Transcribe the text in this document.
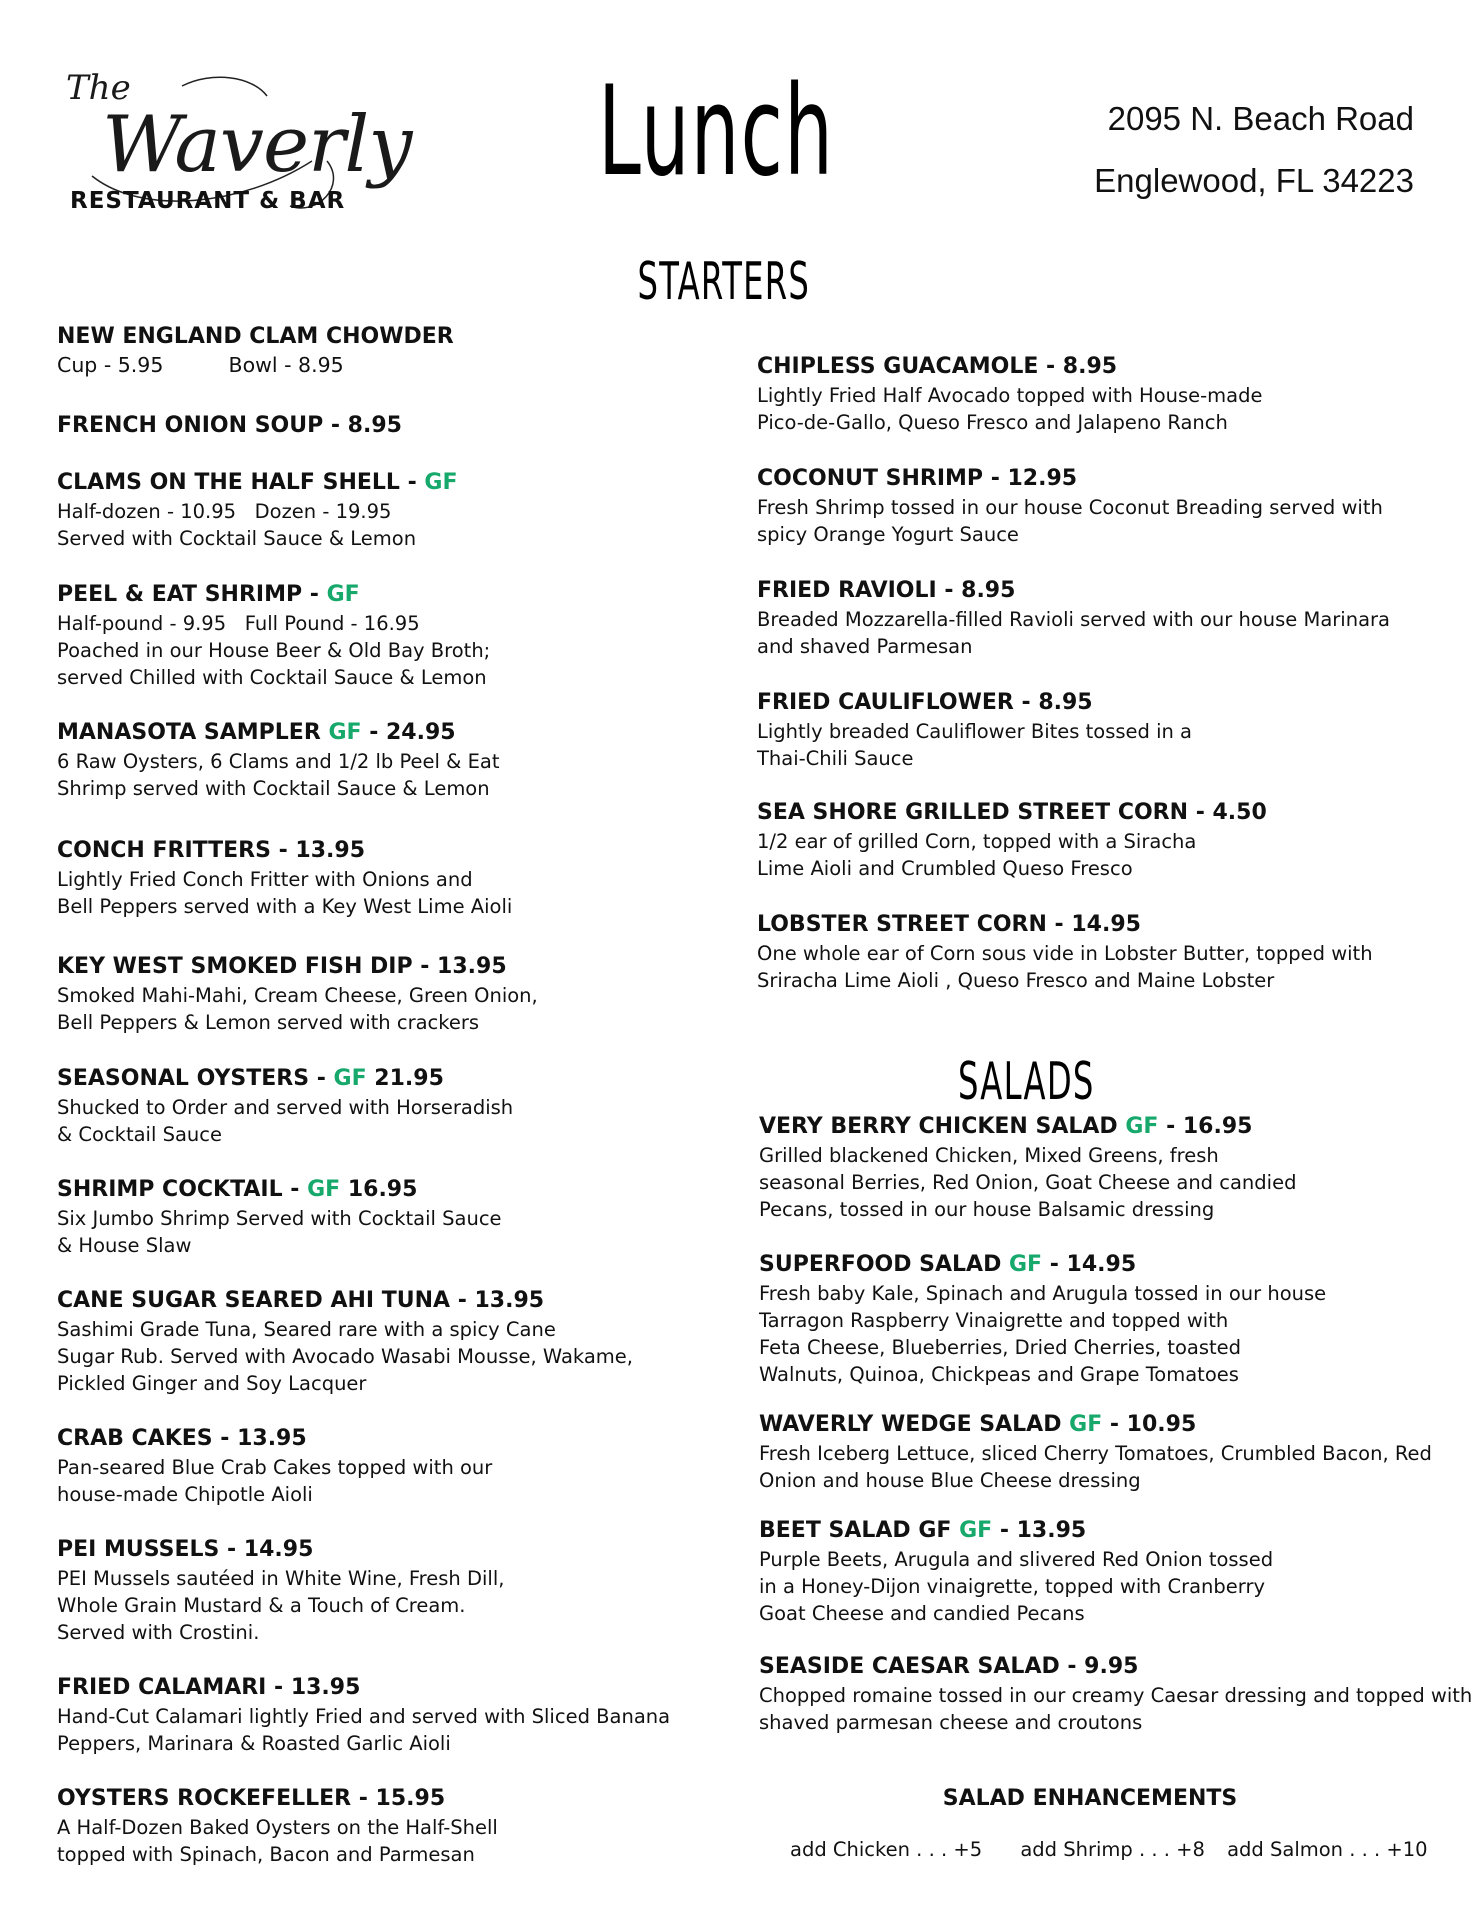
The
Waverly
RESTAURANT & BAR Lunch	2095 N. Beach Road
Englewood, FL 34223
STARTERS
SALADS
NEW ENGLAND CLAM CHOWDER
Cup - 5.95          Bowl - 8.95
FRENCH ONION SOUP - 8.95
CLAMS ON THE HALF SHELL - GF
Half-dozen - 10.95   Dozen - 19.95
Served with Cocktail Sauce & Lemon
PEEL & EAT SHRIMP - GF
Half-pound - 9.95   Full Pound - 16.95
Poached in our House Beer & Old Bay Broth;
served Chilled with Cocktail Sauce & Lemon
MANASOTA SAMPLER GF - 24.95
6 Raw Oysters, 6 Clams and 1/2 lb Peel & Eat
Shrimp served with Cocktail Sauce & Lemon
CONCH FRITTERS - 13.95
Lightly Fried Conch Fritter with Onions and
Bell Peppers served with a Key West Lime Aioli
KEY WEST SMOKED FISH DIP - 13.95
Smoked Mahi-Mahi, Cream Cheese, Green Onion,
Bell Peppers & Lemon served with crackers
SEASONAL OYSTERS - GF 21.95
Shucked to Order and served with Horseradish
& Cocktail Sauce
SHRIMP COCKTAIL - GF 16.95
Six Jumbo Shrimp Served with Cocktail Sauce
& House Slaw
CANE SUGAR SEARED AHI TUNA - 13.95
Sashimi Grade Tuna, Seared rare with a spicy Cane
Sugar Rub. Served with Avocado Wasabi Mousse, Wakame,
Pickled Ginger and Soy Lacquer
CRAB CAKES - 13.95
Pan-seared Blue Crab Cakes topped with our
house-made Chipotle Aioli
PEI MUSSELS - 14.95
PEI Mussels sautéed in White Wine, Fresh Dill,
Whole Grain Mustard & a Touch of Cream.
Served with Crostini.
FRIED CALAMARI - 13.95
Hand-Cut Calamari lightly Fried and served with Sliced Banana
Peppers, Marinara & Roasted Garlic Aioli
OYSTERS ROCKEFELLER - 15.95
A Half-Dozen Baked Oysters on the Half-Shell
topped with Spinach, Bacon and Parmesan
CHIPLESS GUACAMOLE - 8.95
Lightly Fried Half Avocado topped with House-made
Pico-de-Gallo, Queso Fresco and Jalapeno Ranch
COCONUT SHRIMP - 12.95
Fresh Shrimp tossed in our house Coconut Breading served with
spicy Orange Yogurt Sauce
FRIED RAVIOLI - 8.95
Breaded Mozzarella-filled Ravioli served with our house Marinara
and shaved Parmesan
FRIED CAULIFLOWER - 8.95
Lightly breaded Cauliflower Bites tossed in a
Thai-Chili Sauce
SEA SHORE GRILLED STREET CORN - 4.50
1/2 ear of grilled Corn, topped with a Siracha
Lime Aioli and Crumbled Queso Fresco
LOBSTER STREET CORN - 14.95
One whole ear of Corn sous vide in Lobster Butter, topped with
Sriracha Lime Aioli , Queso Fresco and Maine Lobster
VERY BERRY CHICKEN SALAD GF - 16.95
Grilled blackened Chicken, Mixed Greens, fresh
seasonal Berries, Red Onion, Goat Cheese and candied
Pecans, tossed in our house Balsamic dressing
SUPERFOOD SALAD GF - 14.95
Fresh baby Kale, Spinach and Arugula tossed in our house
Tarragon Raspberry Vinaigrette and topped with
Feta Cheese, Blueberries, Dried Cherries, toasted
Walnuts, Quinoa, Chickpeas and Grape Tomatoes
WAVERLY WEDGE SALAD GF - 10.95
Fresh Iceberg Lettuce, sliced Cherry Tomatoes, Crumbled Bacon, Red
Onion and house Blue Cheese dressing
BEET SALAD GF GF - 13.95
Purple Beets, Arugula and slivered Red Onion tossed
in a Honey-Dijon vinaigrette, topped with Cranberry
Goat Cheese and candied Pecans
SEASIDE CAESAR SALAD - 9.95
Chopped romaine tossed in our creamy Caesar dressing and topped with
shaved parmesan cheese and croutons
SALAD ENHANCEMENTS
add Chicken . . . +5 add Shrimp . . . +8 add Salmon . . . +10
